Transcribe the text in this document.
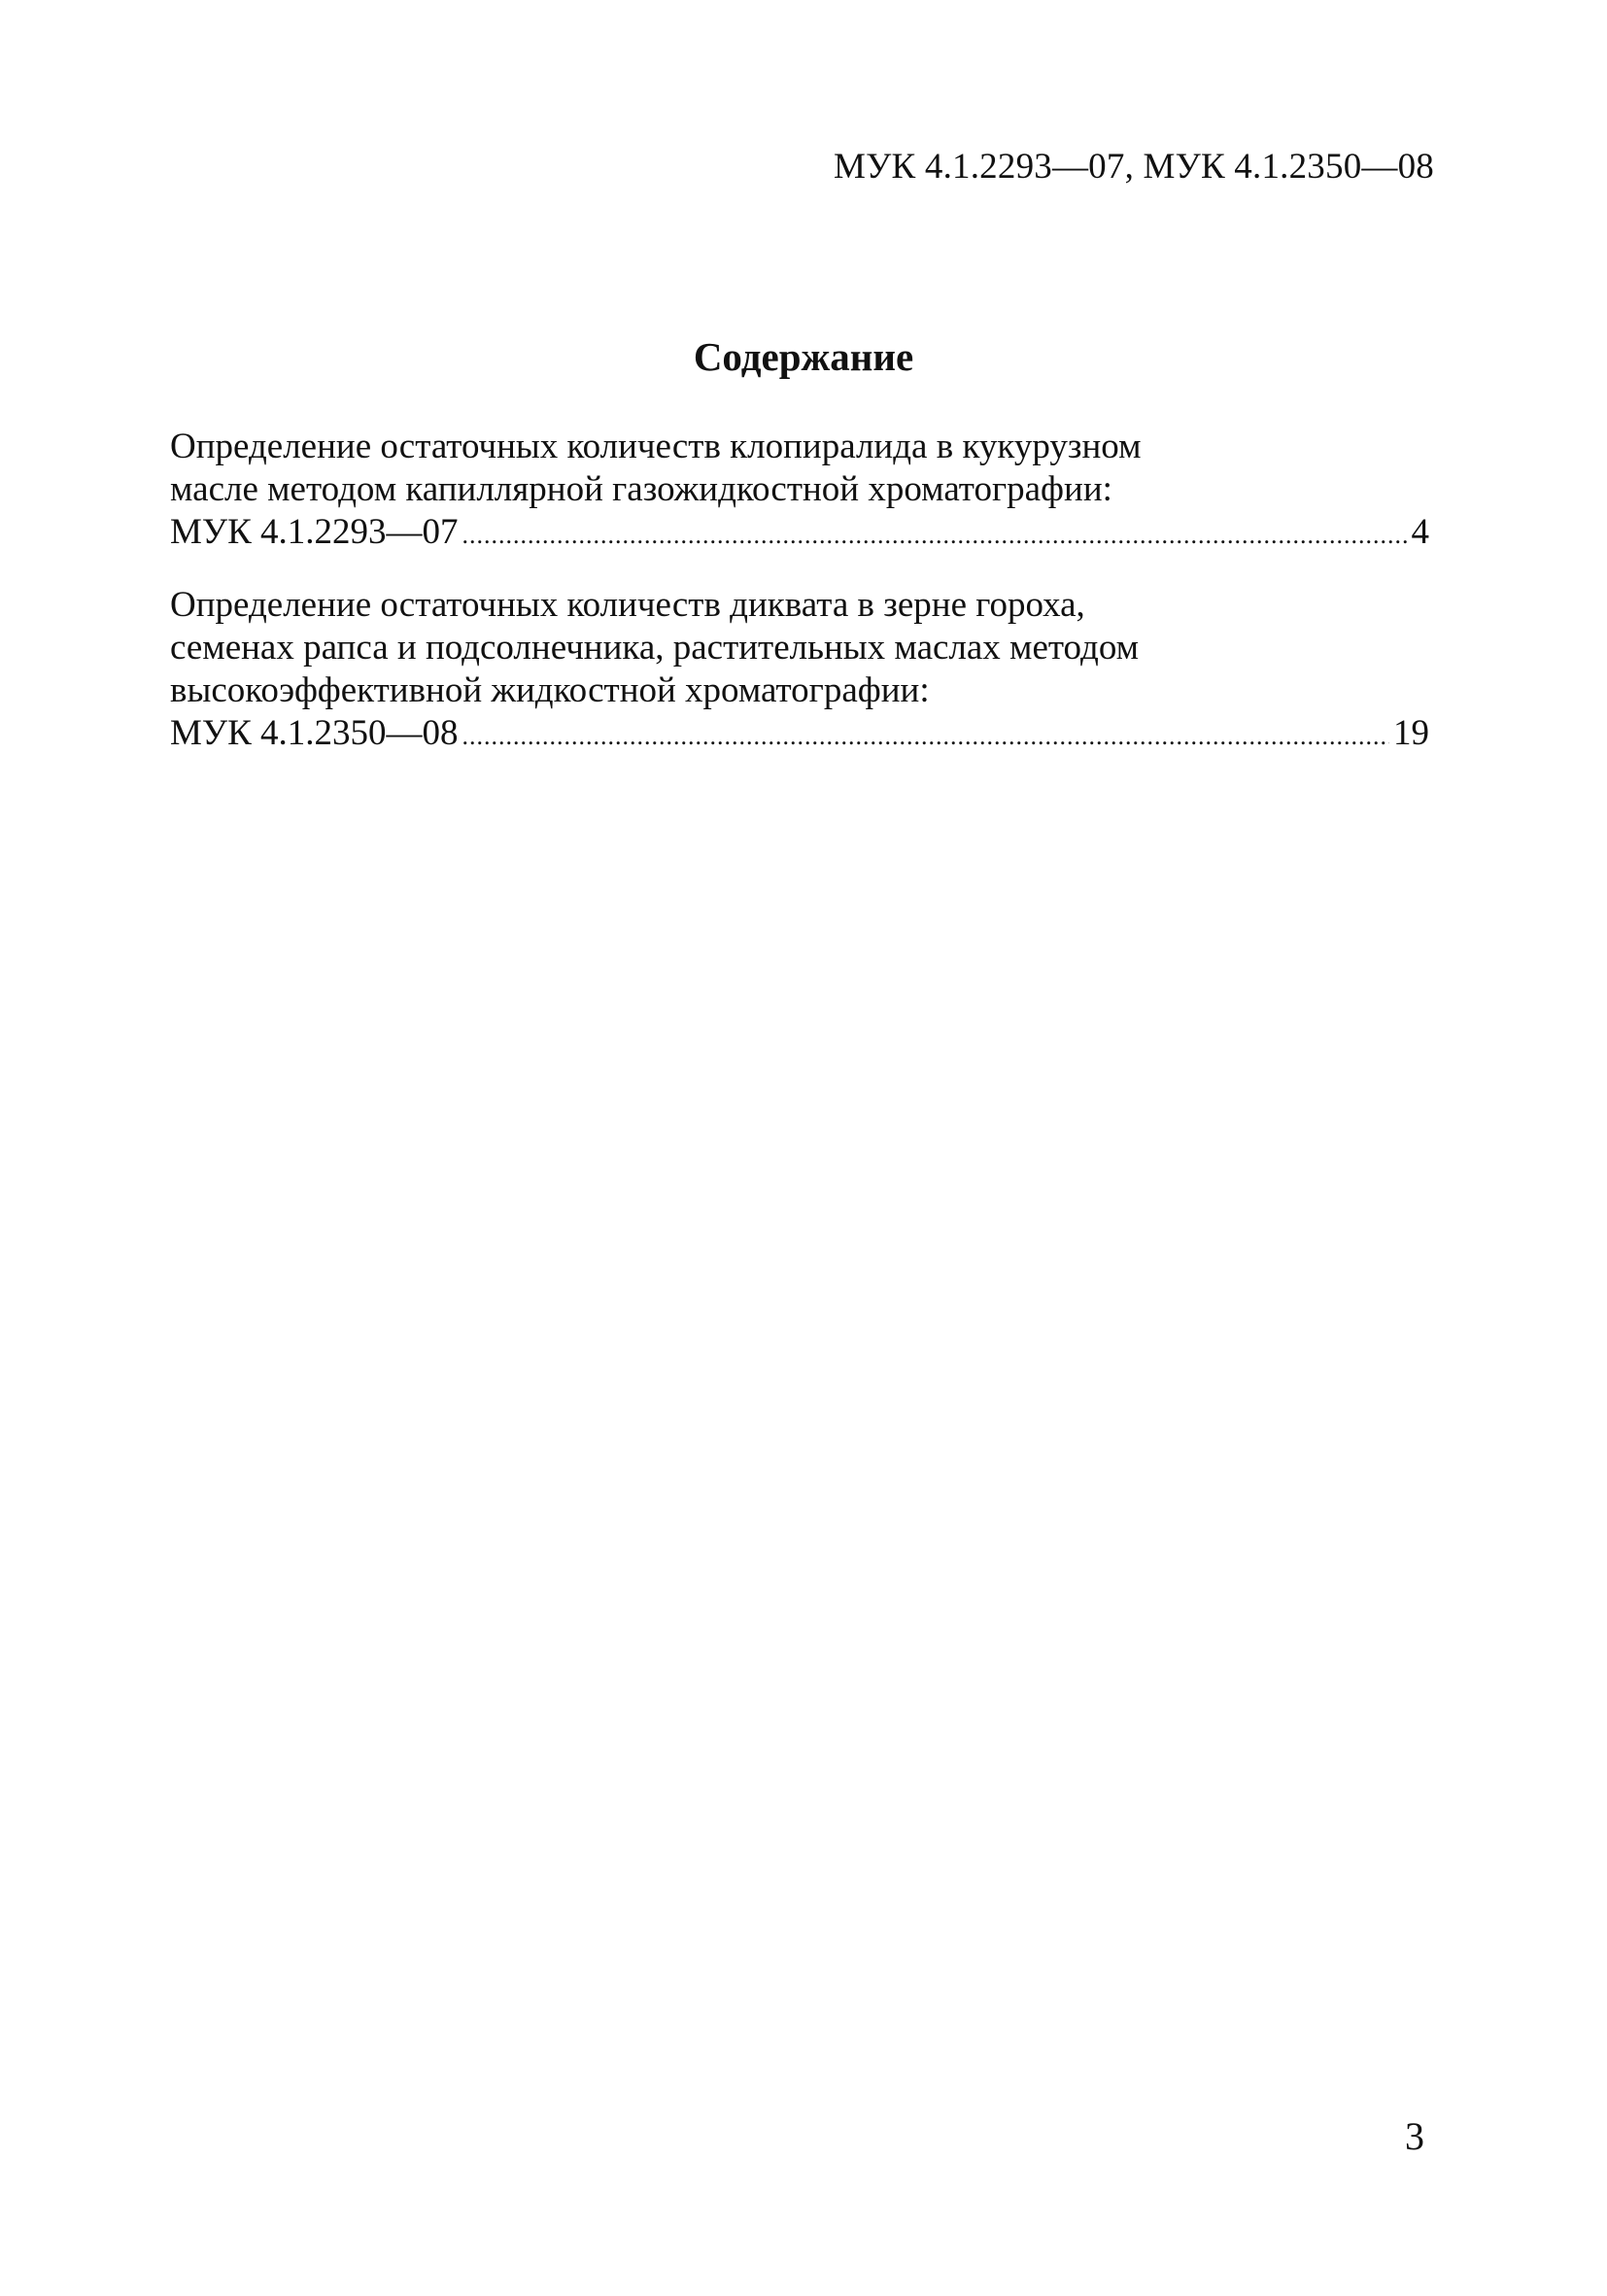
МУК 4.1.2293—07, МУК 4.1.2350—08
Содержание
Определение остаточных количеств клопиралида в кукурузном
масле методом капиллярной газожидкостной хроматографии:
МУК 4.1.2293—07 .....	4
Определение остаточных количеств диквата в зерне гороха,
семенах рапса и подсолнечника, растительных маслах методом
высокоэффективной жидкостной хроматографии:
МУК 4.1.2350—08 .....	19
3
